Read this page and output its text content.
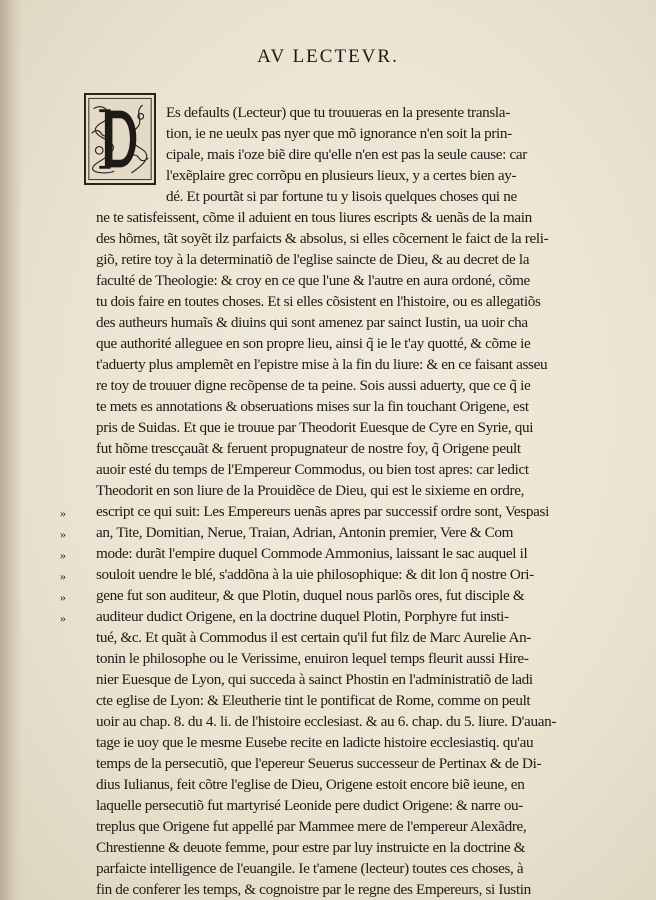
AV LECTEVR.
Es defaults (Lecteur) que tu trouueras en la presente transla-
tion, ie ne ueulx pas nyer que mõ ignorance n'en soit la prin-
cipale, mais i'oze biẽ dire qu'elle n'en est pas la seule cause: car
l'exẽplaire grec corrõpu en plusieurs lieux, y a certes bien ay-
dé. Et pourtãt si par fortune tu y lisois quelques choses qui ne
ne te satisfeissent, cõme il aduient en tous liures escripts & uenãs de la main
des hõmes, tãt soyẽt ilz parfaicts & absolus, si elles cõcernent le faict de la reli-
giõ, retire toy à la determinatiõ de l'eglise saincte de Dieu, & au decret de la
faculté de Theologie: & croy en ce que l'une & l'autre en aura ordoné, cõme
tu dois faire en toutes choses. Et si elles cõsistent en l'histoire, ou es allegatiõs
des autheurs humaĩs & diuins qui sont amenez par sainct Iustin, ua uoir cha
que authorité alleguee en son propre lieu, ainsi q̃ ie le t'ay quotté, & cõme ie
t'aduerty plus amplemẽt en l'epistre mise à la fin du liure: & en ce faisant asseu
re toy de trouuer digne recõpense de ta peine. Sois aussi aduerty, que ce q̃ ie
te mets es annotations & obseruations mises sur la fin touchant Origene, est
pris de Suidas. Et que ie trouue par Theodorit Euesque de Cyre en Syrie, qui
fut hõme trescçauãt & feruent propugnateur de nostre foy, q̃ Origene peult
auoir esté du temps de l'Empereur Commodus, ou bien tost apres: car ledict
Theodorit en son liure de la Prouidẽce de Dieu, qui est le sixieme en ordre,
escript ce qui suit: Les Empereurs uenãs apres par successif ordre sont, Vespasi
an, Tite, Domitian, Nerue, Traian, Adrian, Antonin premier, Vere & Com
mode: durãt l'empire duquel Commode Ammonius, laissant le sac auquel il
souloit uendre le blé, s'addõna à la uie philosophique: & dit lon q̃ nostre Ori-
gene fut son auditeur, & que Plotin, duquel nous parlõs ores, fut disciple &
auditeur dudict Origene, en la doctrine duquel Plotin, Porphyre fut insti-
tué, &c. Et quãt à Commodus il est certain qu'il fut filz de Marc Aurelie An-
tonin le philosophe ou le Verissime, enuiron lequel temps fleurit aussi Hire-
nier Euesque de Lyon, qui succeda à sainct Phostin en l'administratiõ de ladi
cte eglise de Lyon: & Eleutherie tint le pontificat de Rome, comme on peult
uoir au chap. 8. du 4. li. de l'histoire ecclesiast. & au 6. chap. du 5. liure. D'auan-
tage ie uoy que le mesme Eusebe recite en ladicte histoire ecclesiastiq. qu'au
temps de la persecutiõ, que l'epereur Seuerus successeur de Pertinax & de Di-
dius Iulianus, feit cõtre l'eglise de Dieu, Origene estoit encore biẽ ieune, en
laquelle persecutiõ fut martyrisé Leonide pere dudict Origene: & narre ou-
treplus que Origene fut appellé par Mammee mere de l'empereur Alexãdre,
Chrestienne & deuote femme, pour estre par luy instruicte en la doctrine &
parfaicte intelligence de l'euangile. Ie t'amene (lecteur) toutes ces choses, à
fin de conferer les temps, & cognoistre par le regne des Empereurs, si Iustin
»
»
»
»
»
»
